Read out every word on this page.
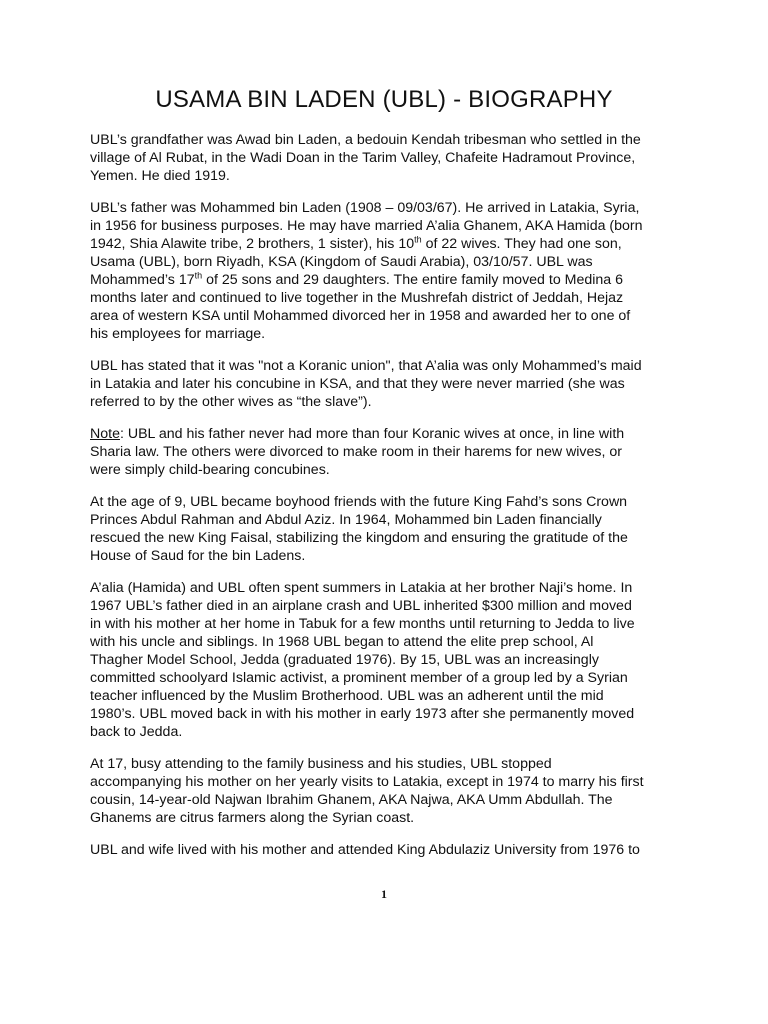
USAMA BIN LADEN (UBL) - BIOGRAPHY

UBL’s grandfather was Awad bin Laden, a bedouin Kendah tribesman who settled in the village of Al Rubat, in the Wadi Doan in the Tarim Valley, Chafeite Hadramout Province, Yemen. He died 1919.

UBL’s father was Mohammed bin Laden (1908 – 09/03/67). He arrived in Latakia, Syria, in 1956 for business purposes. He may have married A’alia Ghanem, AKA Hamida (born 1942, Shia Alawite tribe, 2 brothers, 1 sister), his 10th of 22 wives. They had one son, Usama (UBL), born Riyadh, KSA (Kingdom of Saudi Arabia), 03/10/57. UBL was Mohammed’s 17th of 25 sons and 29 daughters. The entire family moved to Medina 6 months later and continued to live together in the Mushrefah district of Jeddah, Hejaz area of western KSA until Mohammed divorced her in 1958 and awarded her to one of his employees for marriage.

UBL has stated that it was "not a Koranic union", that A’alia was only Mohammed’s maid in Latakia and later his concubine in KSA, and that they were never married (she was referred to by the other wives as “the slave”).

Note: UBL and his father never had more than four Koranic wives at once, in line with Sharia law. The others were divorced to make room in their harems for new wives, or were simply child-bearing concubines.

At the age of 9, UBL became boyhood friends with the future King Fahd’s sons Crown Princes Abdul Rahman and Abdul Aziz. In 1964, Mohammed bin Laden financially rescued the new King Faisal, stabilizing the kingdom and ensuring the gratitude of the House of Saud for the bin Ladens.

A’alia (Hamida) and UBL often spent summers in Latakia at her brother Naji’s home. In 1967 UBL’s father died in an airplane crash and UBL inherited $300 million and moved in with his mother at her home in Tabuk for a few months until returning to Jedda to live with his uncle and siblings. In 1968 UBL began to attend the elite prep school, Al Thagher Model School, Jedda (graduated 1976). By 15, UBL was an increasingly committed schoolyard Islamic activist, a prominent member of a group led by a Syrian teacher influenced by the Muslim Brotherhood. UBL was an adherent until the mid 1980’s. UBL moved back in with his mother in early 1973 after she permanently moved back to Jedda.

At 17, busy attending to the family business and his studies, UBL stopped accompanying his mother on her yearly visits to Latakia, except in 1974 to marry his first cousin, 14-year-old Najwan Ibrahim Ghanem, AKA Najwa, AKA Umm Abdullah. The Ghanems are citrus farmers along the Syrian coast.

UBL and wife lived with his mother and attended King Abdulaziz University from 1976 to

1
